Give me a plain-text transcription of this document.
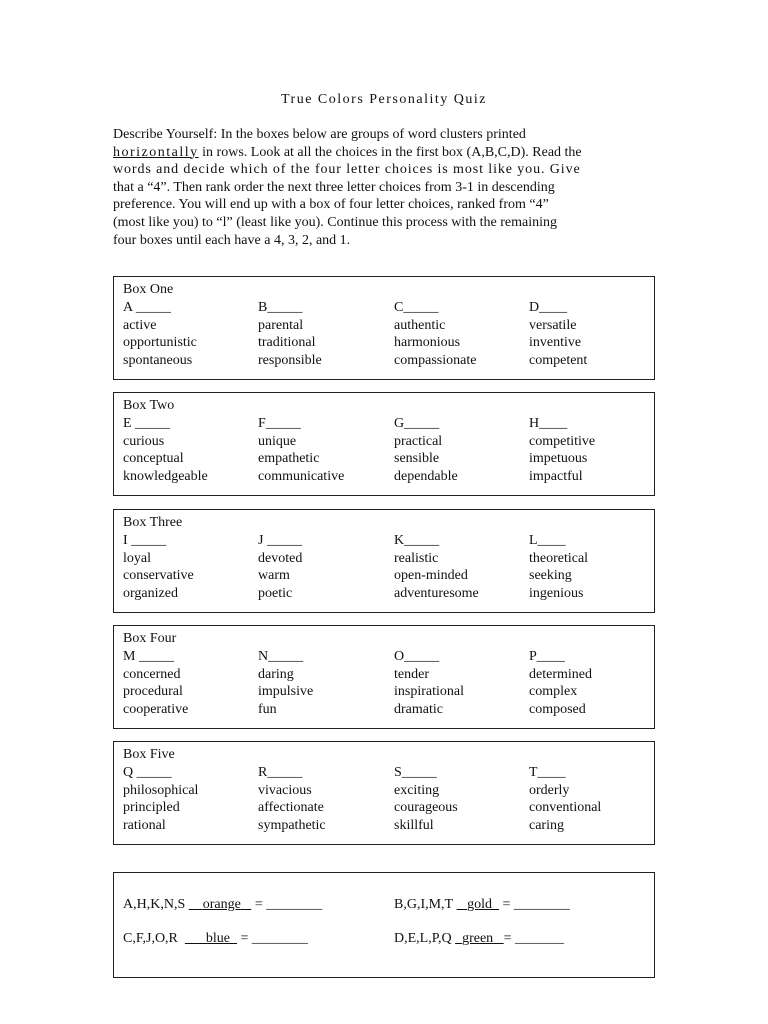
True Colors Personality Quiz

Describe Yourself: In the boxes below are groups of word clusters printed

horizontally in rows. Look at all the choices in the first box (A,B,C,D). Read the

words and decide which of the four letter choices is most like you. Give

that a “4”. Then rank order the next three letter choices from 3-1 in descending

preference. You will end up with a box of four letter choices, ranked from “4”

(most like you) to “l” (least like you). Continue this process with the remaining

four boxes until each have a 4, 3, 2, and 1.

Box One
A _____
active
opportunistic
spontaneous
B_____
parental
traditional
responsible
C_____
authentic
harmonious
compassionate
D____
versatile
inventive
competent
Box Two
E _____
curious
conceptual
knowledgeable
F_____
unique
empathetic
communicative
G_____
practical
sensible
dependable
H____
competitive
impetuous
impactful
Box Three
I _____
loyal
conservative
organized
J _____
devoted
warm
poetic
K_____
realistic
open-minded
adventuresome
L____
theoretical
seeking
ingenious
Box Four
M _____
concerned
procedural
cooperative
N_____
daring
impulsive
fun
O_____
tender
inspirational
dramatic
P____
determined
complex
composed
Box Five
Q _____
philosophical
principled
rational
R_____
vivacious
affectionate
sympathetic
S_____
exciting
courageous
skillful
T____
orderly
conventional
caring
A,H,K,N,S orange = ________	B,G,I,M,T gold = ________
C,F,J,O,R blue = ________	D,E,L,P,Q green = _______
